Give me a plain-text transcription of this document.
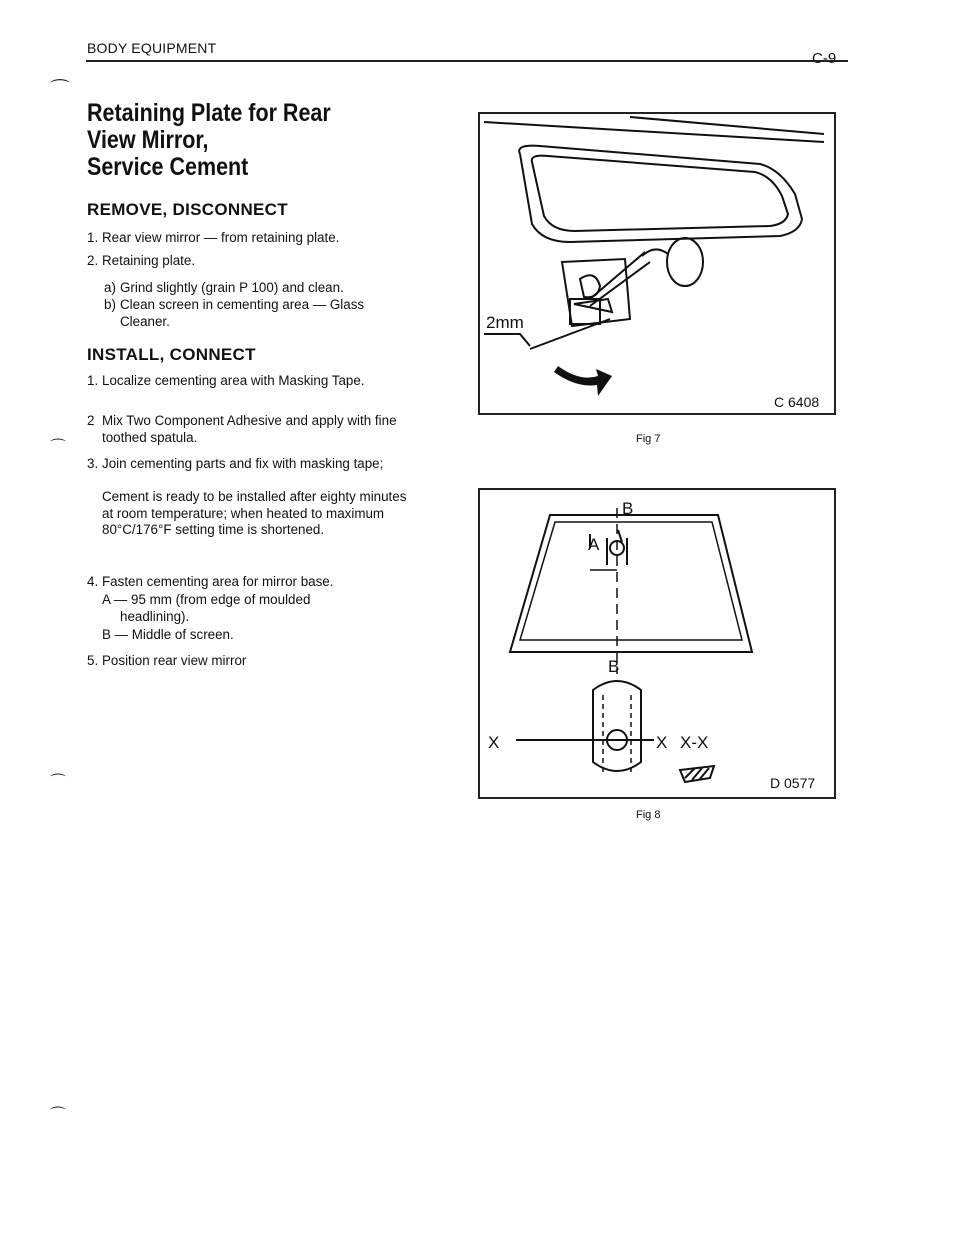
BODY EQUIPMENT
C-9
⌒
⌒
⌒
⌒
Retaining Plate for Rear
View Mirror,
Service Cement
REMOVE, DISCONNECT
1. Rear view mirror — from retaining plate.
2. Retaining plate.
a) Grind slightly (grain P 100) and clean.
b) Clean screen in cementing area — Glass Cleaner.
INSTALL, CONNECT
1. Localize cementing area with Masking Tape.
2 Mix Two Component Adhesive and apply with fine toothed spatula.
3. Join cementing parts and fix with masking tape;
Cement is ready to be installed after eighty minutes at room temperature; when heated to maximum 80°C/176°F setting time is shortened.
4. Fasten cementing area for mirror base.
A — 95 mm (from edge of moulded headlining).
B — Middle of screen.
5. Position rear view mirror
2mm
C 6408
Fig 7
B
A
B
X	X X-X
D 0577
Fig 8
